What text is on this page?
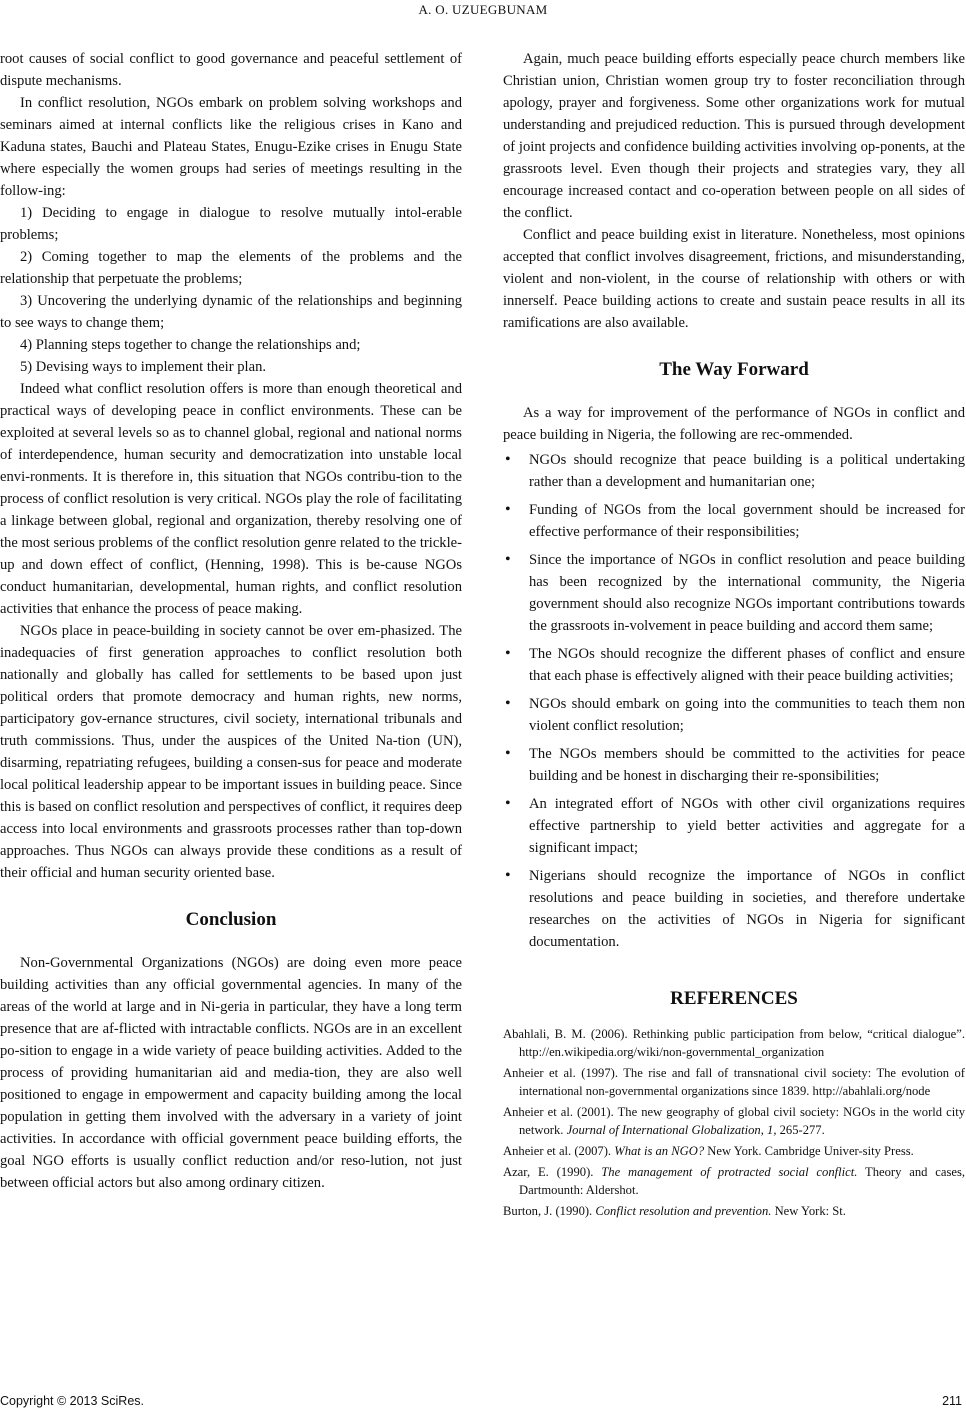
A. O. UZUEGBUNAM

root causes of social conflict to good governance and peaceful settlement of dispute mechanisms.

In conflict resolution, NGOs embark on problem solving workshops and seminars aimed at internal conflicts like the religious crises in Kano and Kaduna states, Bauchi and Plateau States, Enugu-Ezike crises in Enugu State where especially the women groups had series of meetings resulting in the follow-ing:

1) Deciding to engage in dialogue to resolve mutually intol-erable problems;

2) Coming together to map the elements of the problems and the relationship that perpetuate the problems;

3) Uncovering the underlying dynamic of the relationships and beginning to see ways to change them;

4) Planning steps together to change the relationships and;

5) Devising ways to implement their plan.

Indeed what conflict resolution offers is more than enough theoretical and practical ways of developing peace in conflict environments. These can be exploited at several levels so as to channel global, regional and national norms of interdependence, human security and democratization into unstable local envi-ronments. It is therefore in, this situation that NGOs contribu-tion to the process of conflict resolution is very critical. NGOs play the role of facilitating a linkage between global, regional and organization, thereby resolving one of the most serious problems of the conflict resolution genre related to the trickle-up and down effect of conflict, (Henning, 1998). This is be-cause NGOs conduct humanitarian, developmental, human rights, and conflict resolution activities that enhance the process of peace making.

NGOs place in peace-building in society cannot be over em-phasized. The inadequacies of first generation approaches to conflict resolution both nationally and globally has called for settlements to be based upon just political orders that promote democracy and human rights, new norms, participatory gov-ernance structures, civil society, international tribunals and truth commissions. Thus, under the auspices of the United Na-tion (UN), disarming, repatriating refugees, building a consen-sus for peace and moderate local political leadership appear to be important issues in building peace. Since this is based on conflict resolution and perspectives of conflict, it requires deep access into local environments and grassroots processes rather than top-down approaches. Thus NGOs can always provide these conditions as a result of their official and human security oriented base.

Conclusion

Non-Governmental Organizations (NGOs) are doing even more peace building activities than any official governmental agencies. In many of the areas of the world at large and in Ni-geria in particular, they have a long term presence that are af-flicted with intractable conflicts. NGOs are in an excellent po-sition to engage in a wide variety of peace building activities. Added to the process of providing humanitarian aid and media-tion, they are also well positioned to engage in empowerment and capacity building among the local population in getting them involved with the adversary in a variety of joint activities. In accordance with official government peace building efforts, the goal NGO efforts is usually conflict reduction and/or reso-lution, not just between official actors but also among ordinary citizen.

Again, much peace building efforts especially peace church members like Christian union, Christian women group try to foster reconciliation through apology, prayer and forgiveness. Some other organizations work for mutual understanding and prejudiced reduction. This is pursued through development of joint projects and confidence building activities involving op-ponents, at the grassroots level. Even though their projects and strategies vary, they all encourage increased contact and co-operation between people on all sides of the conflict.

Conflict and peace building exist in literature. Nonetheless, most opinions accepted that conflict involves disagreement, frictions, and misunderstanding, violent and non-violent, in the course of relationship with others or with innerself. Peace building actions to create and sustain peace results in all its ramifications are also available.

The Way Forward

As a way for improvement of the performance of NGOs in conflict and peace building in Nigeria, the following are rec-ommended.

• NGOs should recognize that peace building is a political undertaking rather than a development and humanitarian one;
• Funding of NGOs from the local government should be increased for effective performance of their responsibilities;
• Since the importance of NGOs in conflict resolution and peace building has been recognized by the international community, the Nigeria government should also recognize NGOs important contributions towards the grassroots in-volvement in peace building and accord them same;
• The NGOs should recognize the different phases of conflict and ensure that each phase is effectively aligned with their peace building activities;
• NGOs should embark on going into the communities to teach them non violent conflict resolution;
• The NGOs members should be committed to the activities for peace building and be honest in discharging their re-sponsibilities;
• An integrated effort of NGOs with other civil organizations requires effective partnership to yield better activities and aggregate for a significant impact;
• Nigerians should recognize the importance of NGOs in conflict resolutions and peace building in societies, and therefore undertake researches on the activities of NGOs in Nigeria for significant documentation.
REFERENCES
Abahlali, B. M. (2006). Rethinking public participation from below, “critical dialogue”. http://en.wikipedia.org/wiki/non-governmental_organization
Anheier et al. (1997). The rise and fall of transnational civil society: The evolution of international non-governmental organizations since 1839. http://abahlali.org/node
Anheier et al. (2001). The new geography of global civil society: NGOs in the world city network. Journal of International Globalization, 1, 265-277.
Anheier et al. (2007). What is an NGO? New York. Cambridge Univer-sity Press.
Azar, E. (1990). The management of protracted social conflict. Theory and cases, Dartmounth: Aldershot.
Burton, J. (1990). Conflict resolution and prevention. New York: St.
Copyright © 2013 SciRes.	211
